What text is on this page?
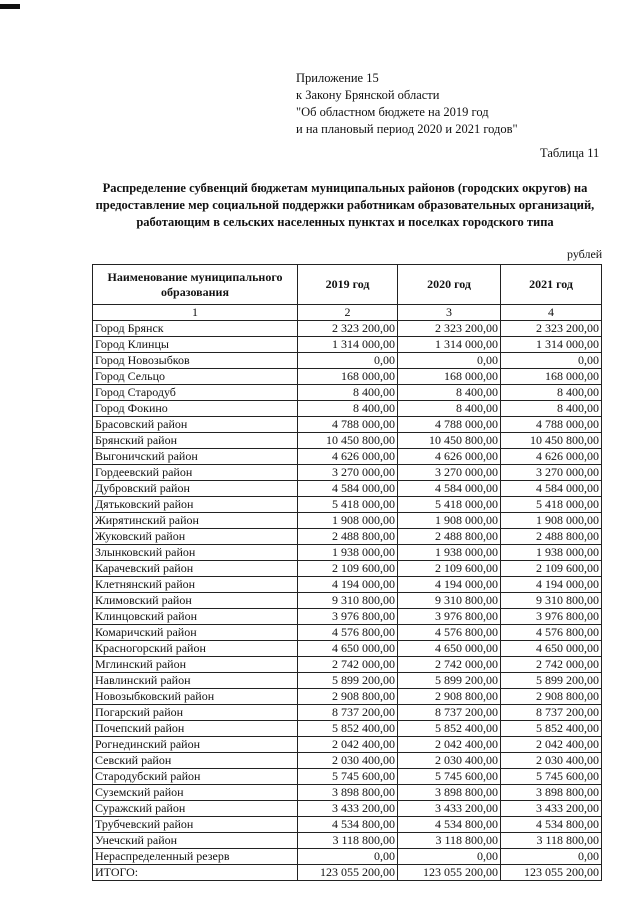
Приложение 15
к Закону Брянской области
"Об областном бюджете на 2019 год
и на плановый период 2020 и 2021 годов"
Таблица 11
Распределение субвенций бюджетам муниципальных районов (городских округов) на
предоставление мер социальной поддержки работникам образовательных организаций,
работающим в сельских населенных пунктах и поселках городского типа
рублей
Наименование муниципального образования	2019 год	2020 год	2021 год
1	2	3	4
Город Брянск	2 323 200,00	2 323 200,00	2 323 200,00
Город Клинцы	1 314 000,00	1 314 000,00	1 314 000,00
Город Новозыбков	0,00	0,00	0,00
Город Сельцо	168 000,00	168 000,00	168 000,00
Город Стародуб	8 400,00	8 400,00	8 400,00
Город Фокино	8 400,00	8 400,00	8 400,00
Брасовский район	4 788 000,00	4 788 000,00	4 788 000,00
Брянский район	10 450 800,00	10 450 800,00	10 450 800,00
Выгоничский район	4 626 000,00	4 626 000,00	4 626 000,00
Гордеевский район	3 270 000,00	3 270 000,00	3 270 000,00
Дубровский район	4 584 000,00	4 584 000,00	4 584 000,00
Дятьковский район	5 418 000,00	5 418 000,00	5 418 000,00
Жирятинский район	1 908 000,00	1 908 000,00	1 908 000,00
Жуковский район	2 488 800,00	2 488 800,00	2 488 800,00
Злынковский район	1 938 000,00	1 938 000,00	1 938 000,00
Карачевский район	2 109 600,00	2 109 600,00	2 109 600,00
Клетнянский район	4 194 000,00	4 194 000,00	4 194 000,00
Климовский район	9 310 800,00	9 310 800,00	9 310 800,00
Клинцовский район	3 976 800,00	3 976 800,00	3 976 800,00
Комаричский район	4 576 800,00	4 576 800,00	4 576 800,00
Красногорский район	4 650 000,00	4 650 000,00	4 650 000,00
Мглинский район	2 742 000,00	2 742 000,00	2 742 000,00
Навлинский район	5 899 200,00	5 899 200,00	5 899 200,00
Новозыбковский район	2 908 800,00	2 908 800,00	2 908 800,00
Погарский район	8 737 200,00	8 737 200,00	8 737 200,00
Почепский район	5 852 400,00	5 852 400,00	5 852 400,00
Рогнединский район	2 042 400,00	2 042 400,00	2 042 400,00
Севский район	2 030 400,00	2 030 400,00	2 030 400,00
Стародубский район	5 745 600,00	5 745 600,00	5 745 600,00
Суземский район	3 898 800,00	3 898 800,00	3 898 800,00
Суражский район	3 433 200,00	3 433 200,00	3 433 200,00
Трубчевский район	4 534 800,00	4 534 800,00	4 534 800,00
Унечский район	3 118 800,00	3 118 800,00	3 118 800,00
Нераспределенный резерв	0,00	0,00	0,00
ИТОГО:	123 055 200,00	123 055 200,00	123 055 200,00
